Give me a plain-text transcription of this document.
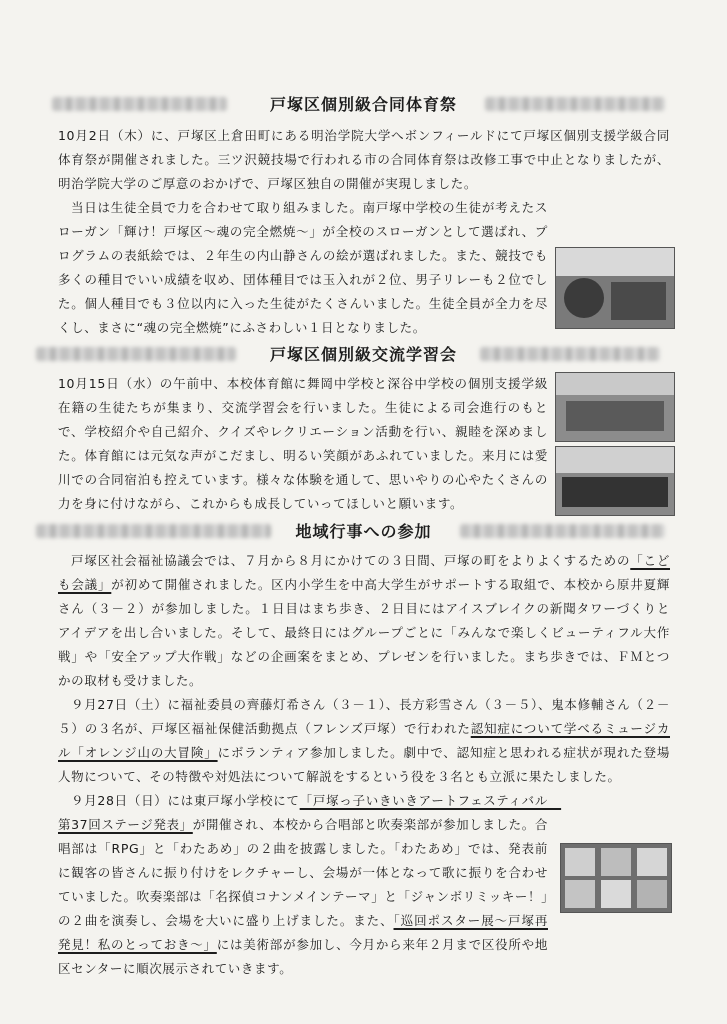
戸塚区個別級合同体育祭
10月2日（木）に、戸塚区上倉田町にある明治学院大学へボンフィールドにて戸塚区個別支援学級合同体育祭が開催されました。三ツ沢競技場で行われる市の合同体育祭は改修工事で中止となりましたが、明治学院大学のご厚意のおかげで、戸塚区独自の開催が実現しました。
当日は生徒全員で力を合わせて取り組みました。南戸塚中学校の生徒が考えたスローガン「輝け！戸塚区～魂の完全燃焼～」が全校のスローガンとして選ばれ、プログラムの表紙絵では、２年生の内山静さんの絵が選ばれました。また、競技でも多くの種目でいい成績を収め、団体種目では玉入れが２位、男子リレーも２位でした。個人種目でも３位以内に入った生徒がたくさんいました。生徒全員が全力を尽くし、まさに“魂の完全燃焼”にふさわしい１日となりました。
戸塚区個別級交流学習会
10月15日（水）の午前中、本校体育館に舞岡中学校と深谷中学校の個別支援学級在籍の生徒たちが集まり、交流学習会を行いました。生徒による司会進行のもとで、学校紹介や自己紹介、クイズやレクリエーション活動を行い、親睦を深めました。体育館には元気な声がこだまし、明るい笑顔があふれていました。来月には愛川での合同宿泊も控えています。様々な体験を通して、思いやりの心やたくさんの力を身に付けながら、これからも成長していってほしいと願います。
地域行事への参加
戸塚区社会福祉協議会では、７月から８月にかけての３日間、戸塚の町をよりよくするための「こども会議」が初めて開催されました。区内小学生を中高大学生がサポートする取組で、本校から原井夏輝さん（３－２）が参加しました。１日目はまち歩き、２日目にはアイスブレイクの新聞タワーづくりとアイデアを出し合いました。そして、最終日にはグループごとに「みんなで楽しくビューティフル大作戦」や「安全アップ大作戦」などの企画案をまとめ、プレゼンを行いました。まち歩きでは、ＦＭとつかの取材も受けました。
９月27日（土）に福祉委員の齊藤灯希さん（３－１）、長方彩雪さん（３－５）、鬼本修輔さん（２－５）の３名が、戸塚区福祉保健活動拠点（フレンズ戸塚）で行われた認知症について学べるミュージカル「オレンジ山の大冒険」にボランティア参加しました。劇中で、認知症と思われる症状が現れた登場人物について、その特徴や対処法について解説をするという役を３名とも立派に果たしました。
９月28日（日）には東戸塚小学校にて「戸塚っ子いきいきアートフェスティバル　第37回ステージ発表」が開催され、本校から合唱部と吹奏楽部が参加しました。合唱部は「RPG」と「わたあめ」の２曲を披露しました。「わたあめ」では、発表前に観客の皆さんに振り付けをレクチャーし、会場が一体となって歌に振りを合わせていました。吹奏楽部は「名探偵コナンメインテーマ」と「ジャンボリミッキー！」の２曲を演奏し、会場を大いに盛り上げました。また、「巡回ポスター展～戸塚再発見！私のとっておき～」には美術部が参加し、今月から来年２月まで区役所や地区センターに順次展示されていきます。
